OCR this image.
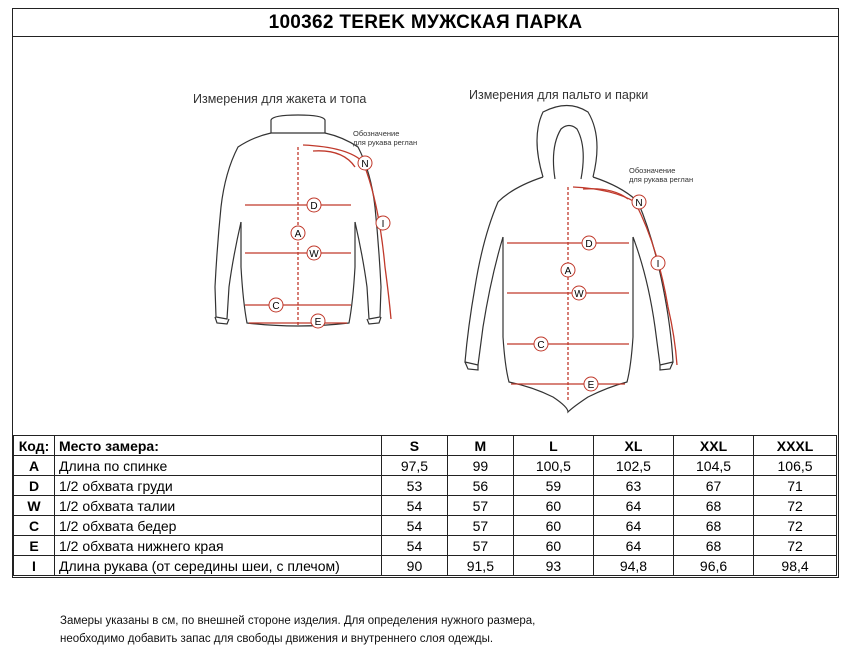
100362 TEREK МУЖСКАЯ ПАРКА
Измерения для жакета и топа	Измерения для пальто и парки
Обозначение
для рукава реглан
Обозначение
для рукава реглан
N
D
I
A
W
C
E
N
D
I
A
W
C
E
Код:	Место замера:	S	M	L	XL	XXL	XXXL
A	Длина по спинке	97,5	99	100,5	102,5	104,5	106,5
D	1/2 обхвата груди	53	56	59	63	67	71
W	1/2 обхвата талии	54	57	60	64	68	72
C	1/2 обхвата бедер	54	57	60	64	68	72
E	1/2 обхвата нижнего края	54	57	60	64	68	72
I	Длина рукава (от середины шеи, с плечом)	90	91,5	93	94,8	96,6	98,4
Замеры указаны в см, по внешней стороне изделия. Для определения нужного размера,
необходимо добавить запас для свободы движения и внутреннего слоя одежды.
